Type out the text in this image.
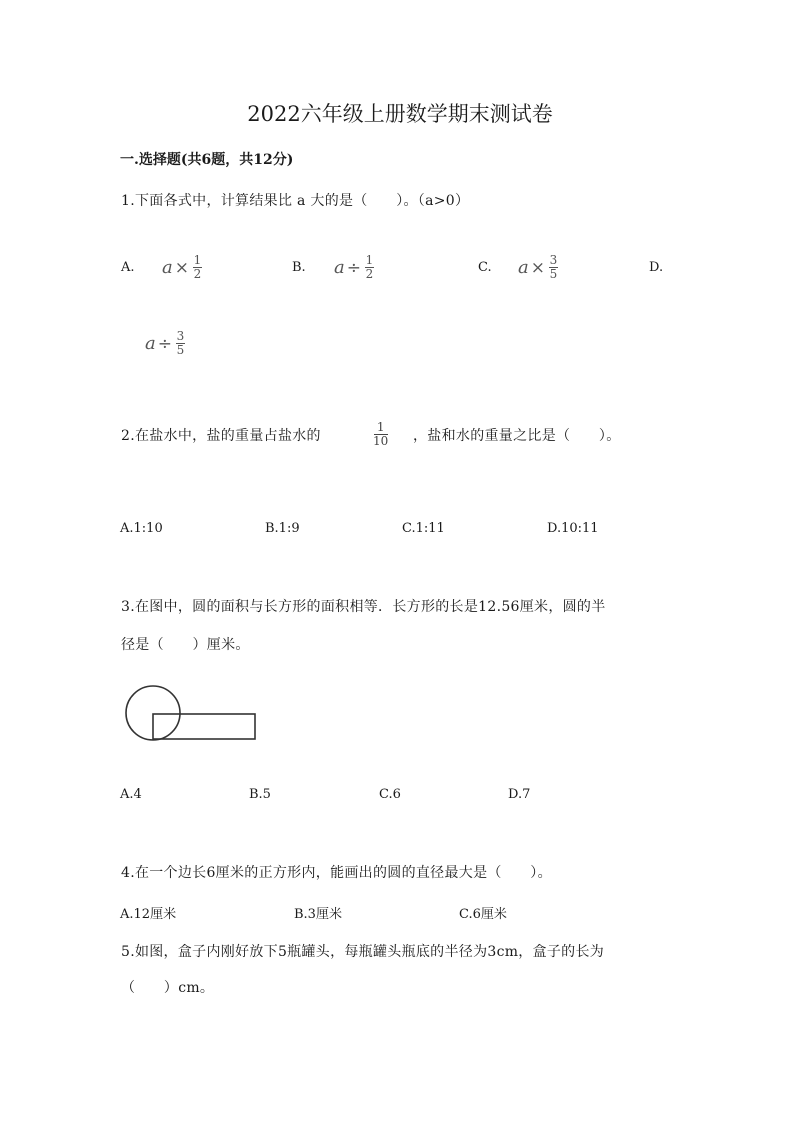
2022六年级上册数学期末测试卷
一.选择题(共6题，共12分)
1.下面各式中，计算结果比 a 大的是（　　）。（a>0）
A. $a \times \frac{1}{2}$	B. $a \div \frac{1}{2}$	C. $a \times \frac{3}{5}$	D.
$a \div \frac{3}{5}$
2.在盐水中，盐的重量占盐水的
1
10 ，盐和水的重量之比是（　　）。
A.1:10	B.1:9	C.1:11	D.10:11
3.在图中，圆的面积与长方形的面积相等．长方形的长是12.56厘米，圆的半
径是（　　）厘米。
A.4	B.5	C.6	D.7
4.在一个边长6厘米的正方形内，能画出的圆的直径最大是（　　）。
A.12厘米	B.3厘米	C.6厘米
5.如图，盒子内刚好放下5瓶罐头，每瓶罐头瓶底的半径为3cm，盒子的长为
（　　）cm。
